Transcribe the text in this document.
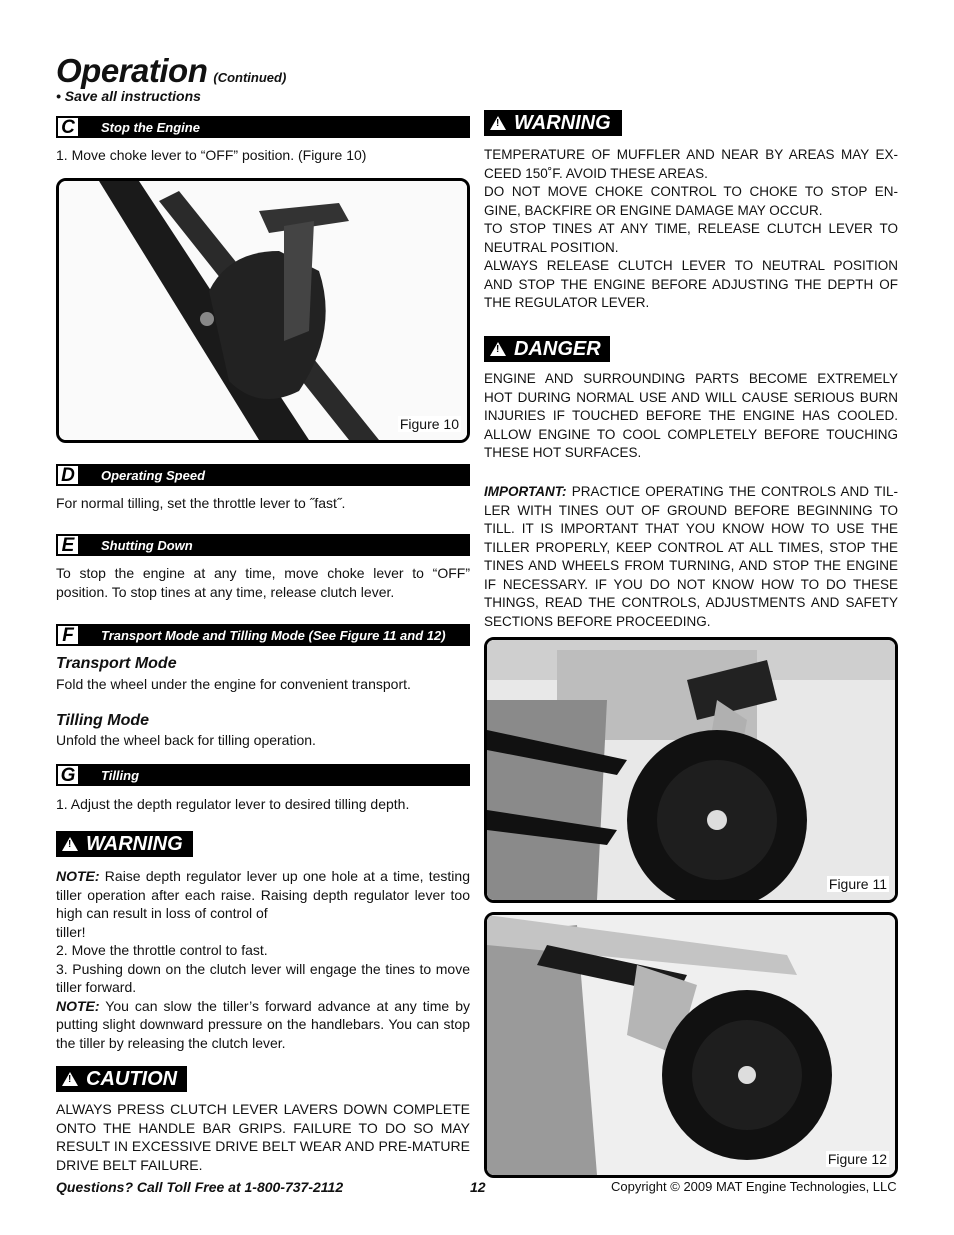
Operation (Continued)
• Save all instructions
C	Stop the Engine
1. Move choke lever to “OFF” position. (Figure 10)
Figure 10
D	Operating Speed
For normal tilling, set the throttle lever to ˝fast˝.
E	Shutting Down
To stop the engine at any time, move choke lever to “OFF” position. To stop tines at any time, release clutch lever.
F	Transport Mode and Tilling Mode (See Figure 11 and 12)
Transport Mode
Fold the wheel under the engine for convenient transport.
Tilling Mode
Unfold the wheel back for tilling operation.
G Tilling
1. Adjust the depth regulator lever to desired tilling depth.
!
WARNING
NOTE: Raise depth regulator lever up one hole at a time, testing tiller operation after each raise. Raising depth regulator lever too high can result in loss of control of
tiller!
2. Move the throttle control to fast.
3. Pushing down on the clutch lever will engage the tines to move tiller forward.
NOTE: You can slow the tiller’s forward advance at any time by putting slight downward pressure on the handlebars. You can stop the tiller by releasing the clutch lever.
!
CAUTION
ALWAYS PRESS CLUTCH LEVER LAVERS DOWN COMPLETE ONTO THE HANDLE BAR GRIPS. FAILURE TO DO SO MAY RESULT IN EXCESSIVE DRIVE BELT WEAR AND PRE-MATURE DRIVE BELT FAILURE.
!
WARNING
TEMPERATURE OF MUFFLER AND NEAR BY AREAS MAY EX-CEED 150˚F. AVOID THESE AREAS.
DO NOT MOVE CHOKE CONTROL TO CHOKE TO STOP EN-GINE, BACKFIRE OR ENGINE DAMAGE MAY OCCUR.
TO STOP TINES AT ANY TIME, RELEASE CLUTCH LEVER TO NEUTRAL POSITION.
ALWAYS RELEASE CLUTCH LEVER TO NEUTRAL POSITION AND STOP THE ENGINE BEFORE ADJUSTING THE DEPTH OF THE REGULATOR LEVER.
!
DANGER
ENGINE AND SURROUNDING PARTS BECOME EXTREMELY HOT DURING NORMAL USE AND WILL CAUSE SERIOUS BURN INJURIES IF TOUCHED BEFORE THE ENGINE HAS COOLED. ALLOW ENGINE TO COOL COMPLETELY BEFORE TOUCHING THESE HOT SURFACES.
IMPORTANT: PRACTICE OPERATING THE CONTROLS AND TIL-LER WITH TINES OUT OF GROUND BEFORE BEGINNING TO TILL. IT IS IMPORTANT THAT YOU KNOW HOW TO USE THE TILLER PROPERLY, KEEP CONTROL AT ALL TIMES, STOP THE TINES AND WHEELS FROM TURNING, AND STOP THE ENGINE IF NECESSARY. IF YOU DO NOT KNOW HOW TO DO THESE THINGS, READ THE CONTROLS, ADJUSTMENTS AND SAFETY SECTIONS BEFORE PROCEEDING.
Figure 11
Figure 12
Questions? Call Toll Free at 1-800-737-2112	12	Copyright © 2009 MAT Engine Technologies, LLC
